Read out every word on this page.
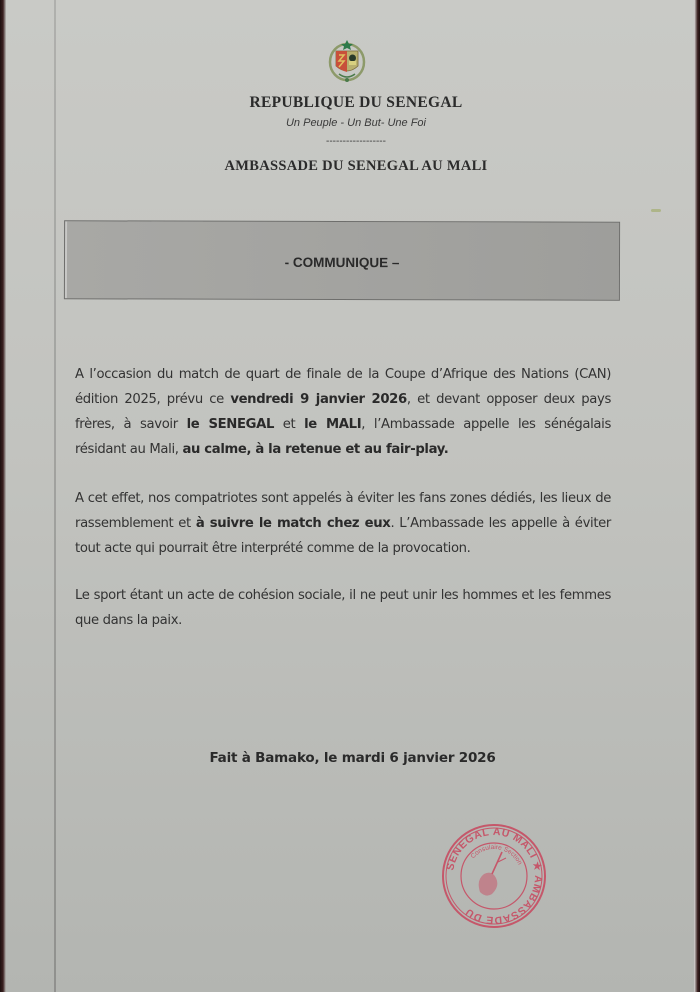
REPUBLIQUE DU SENEGAL
Un Peuple - Un But- Une Foi
------------------
AMBASSADE DU SENEGAL AU MALI
- COMMUNIQUE –
A l’occasion du match de quart de finale de la Coupe d’Afrique des Nations (CAN) édition 2025, prévu ce vendredi 9 janvier 2026, et devant opposer deux pays frères, à savoir le SENEGAL et le MALI, l’Ambassade appelle les sénégalais résidant au Mali, au calme, à la retenue et au fair-play.
A cet effet, nos compatriotes sont appelés à éviter les fans zones dédiés, les lieux de rassemblement et à suivre le match chez eux. L’Ambassade les appelle à éviter tout acte qui pourrait être interprété comme de la provocation.
Le sport étant un acte de cohésion sociale, il ne peut unir les hommes et les femmes que dans la paix.
Fait à Bamako, le mardi 6 janvier 2026
SENEGAL AU MALI ★ AMBASSADE DU
Consulaire Section
